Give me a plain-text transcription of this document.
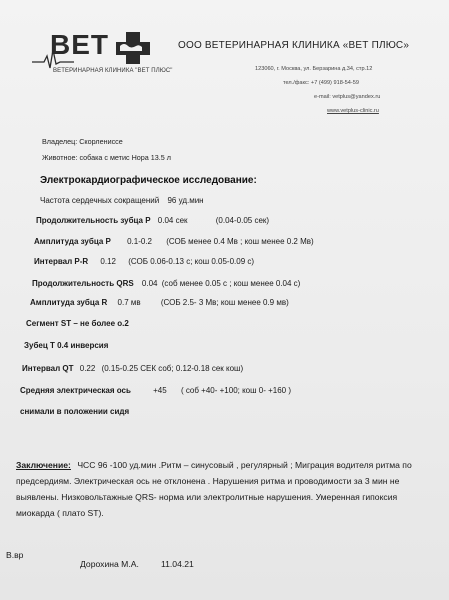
ВЕТ
ВЕТЕРИНАРНАЯ КЛИНИКА "ВЕТ ПЛЮС"
ООО ВЕТЕРИНАРНАЯ КЛИНИКА «ВЕТ ПЛЮС»
123060, г. Москва, ул. Берзарина д.34, стр.12
тел./факс: +7 (499) 918-54-59
e-mail: vetplus@yandex.ru
www.vetplus-clinic.ru
Владелец: Скорлениссе
Животное: собака с метис Нора 13.5 л
Электрокардиографическое исследование:
Частота сердечных сокращений 96 уд.мин
Продолжительность зубца P 0.04 сек	(0.04-0.05 сек)
Амплитуда зубца P 0.1-0.2 (СОБ менее 0.4 Мв ; кош менее 0.2 Мв)
Интервал P-R 0.12 (СОБ 0.06-0.13 с; кош 0.05-0.09 с)
Продолжительность QRS 0.04 (соб менее 0.05 с ; кош менее 0.04 с)
Амплитуда зубца R 0.7 мв	(СОБ 2.5- 3 Мв; кош менее 0.9 мв)
Сегмент ST – не более о.2
Зубец Т 0.4 инверсия
Интервал QT 0.22 (0.15-0.25 СЕК соб; 0.12-0.18 сек кош)
Средняя электрическая ось	+45 ( соб +40- +100; кош 0- +160 )
снимали в положении сидя
Заключение: ЧСС 96 -100 уд.мин .Ритм – синусовый , регулярный ; Миграция водителя ритма по предсердиям. Электрическая ось не отклонена . Нарушения ритма и проводимости за 3 мин не выявлены. Низковольтажные QRS- норма или электролитные нарушения. Умеренная гипоксия миокарда ( плато ST).
В.вр
Дорохина М.А.	11.04.21
